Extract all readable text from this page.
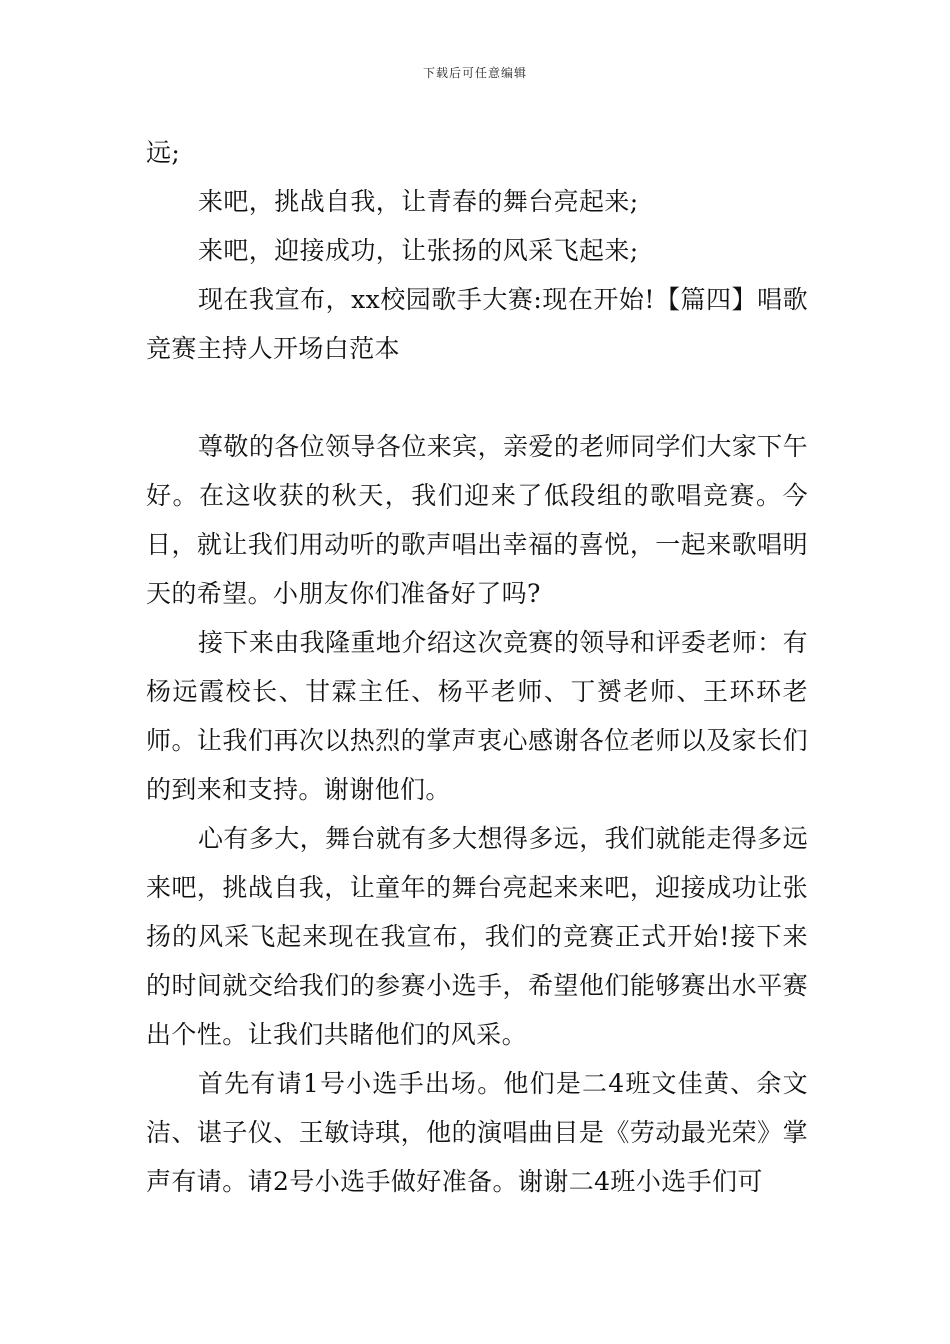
下载后可任意编辑

远;

来吧，挑战自我，让青春的舞台亮起来;

来吧，迎接成功，让张扬的风采飞起来;

现在我宣布，xx校园歌手大赛:现在开始!【篇四】唱歌竞赛主持人开场白范本

尊敬的各位领导各位来宾，亲爱的老师同学们大家下午好。在这收获的秋天，我们迎来了低段组的歌唱竞赛。今日，就让我们用动听的歌声唱出幸福的喜悦，一起来歌唱明天的希望。小朋友你们准备好了吗?

接下来由我隆重地介绍这次竞赛的领导和评委老师：有杨远霞校长、甘霖主任、杨平老师、丁赟老师、王环环老师。让我们再次以热烈的掌声衷心感谢各位老师以及家长们的到来和支持。谢谢他们。

心有多大，舞台就有多大想得多远，我们就能走得多远来吧，挑战自我，让童年的舞台亮起来来吧，迎接成功让张扬的风采飞起来现在我宣布，我们的竞赛正式开始!接下来的时间就交给我们的参赛小选手，希望他们能够赛出水平赛出个性。让我们共睹他们的风采。

首先有请1号小选手出场。他们是二4班文佳黄、余文洁、谌子仪、王敏诗琪，他的演唱曲目是《劳动最光荣》掌声有请。请2号小选手做好准备。谢谢二4班小选手们可
